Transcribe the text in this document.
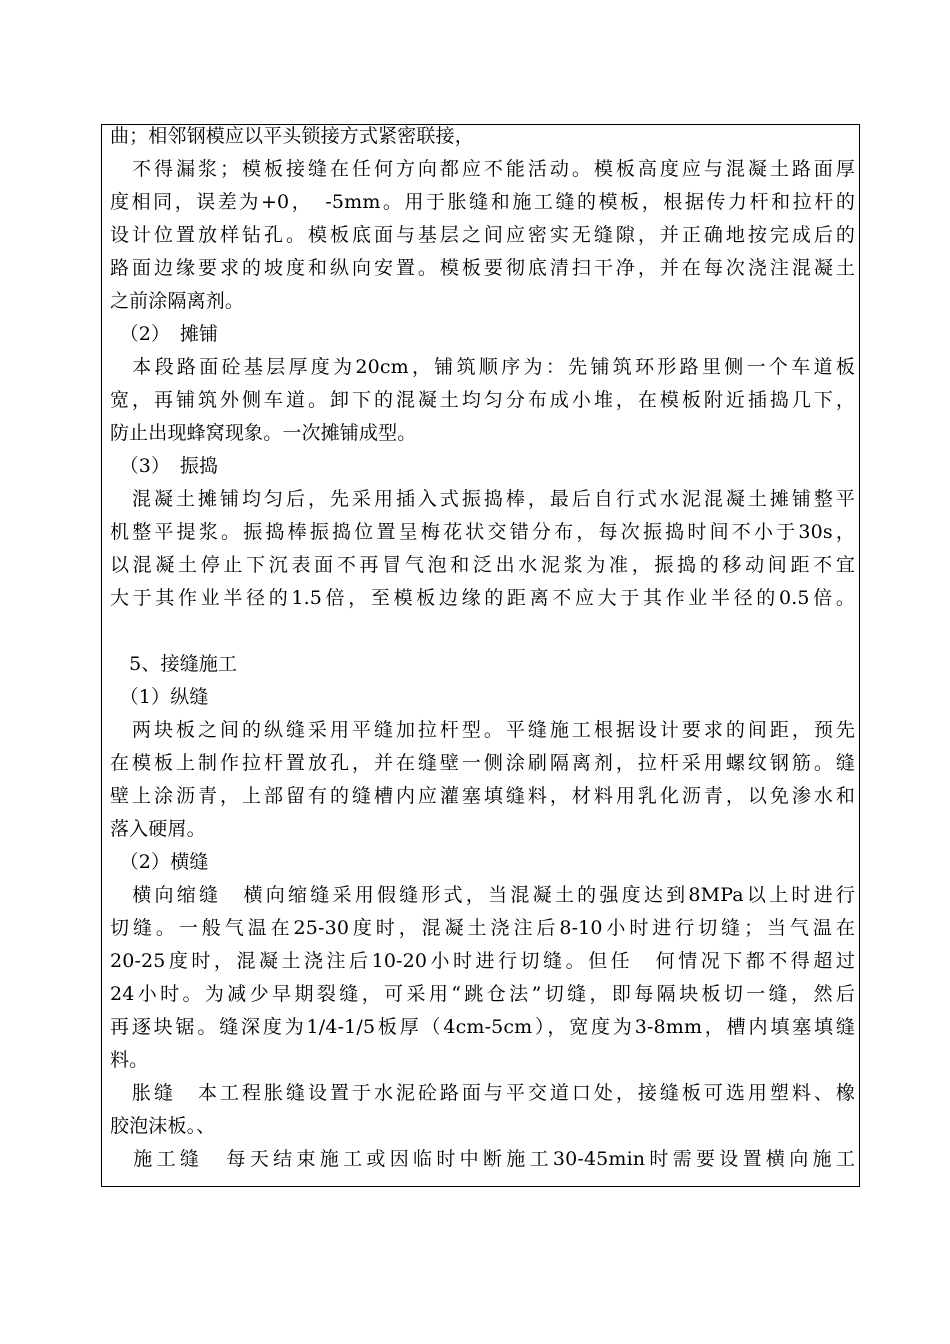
曲；相邻钢模应以平头锁接方式紧密联接，
　不得漏浆；模板接缝在任何方向都应不能活动。模板高度应与混凝土路面厚
度相同，误差为+0，　-5mm。用于胀缝和施工缝的模板，根据传力杆和拉杆的
设计位置放样钻孔。模板底面与基层之间应密实无缝隙，并正确地按完成后的
路面边缘要求的坡度和纵向安置。模板要彻底清扫干净，并在每次浇注混凝土
之前涂隔离剂。
　（2）　摊铺
　本段路面砼基层厚度为20cm，铺筑顺序为：先铺筑环形路里侧一个车道板
宽，再铺筑外侧车道。卸下的混凝土均匀分布成小堆，在模板附近插捣几下，
防止出现蜂窝现象。一次摊铺成型。
　（3）　振捣
　混凝土摊铺均匀后，先采用插入式振捣棒，最后自行式水泥混凝土摊铺整平
机整平提浆。振捣棒振捣位置呈梅花状交错分布，每次振捣时间不小于30s，
以混凝土停止下沉表面不再冒气泡和泛出水泥浆为准，振捣的移动间距不宜
大于其作业半径的1.5倍，至模板边缘的距离不应大于其作业半径的0.5倍。
　5、接缝施工
　（1）纵缝
　两块板之间的纵缝采用平缝加拉杆型。平缝施工根据设计要求的间距，预先
在模板上制作拉杆置放孔，并在缝壁一侧涂刷隔离剂，拉杆采用螺纹钢筋。缝
壁上涂沥青，上部留有的缝槽内应灌塞填缝料，材料用乳化沥青，以免渗水和
落入硬屑。
　（2）横缝
　横向缩缝　横向缩缝采用假缝形式，当混凝土的强度达到8MPa以上时进行
切缝。一般气温在25-30度时，混凝土浇注后8-10小时进行切缝；当气温在
20-25度时，混凝土浇注后10-20小时进行切缝。但任　何情况下都不得超过
24小时。为减少早期裂缝，可采用“跳仓法”切缝，即每隔块板切一缝，然后
再逐块锯。缝深度为1/4-1/5板厚（4cm-5cm），宽度为3-8mm，槽内填塞填缝
料。
　胀缝　本工程胀缝设置于水泥砼路面与平交道口处，接缝板可选用塑料、橡
胶泡沫板。、
　施工缝　每天结束施工或因临时中断施工30-45min时需要设置横向施工
